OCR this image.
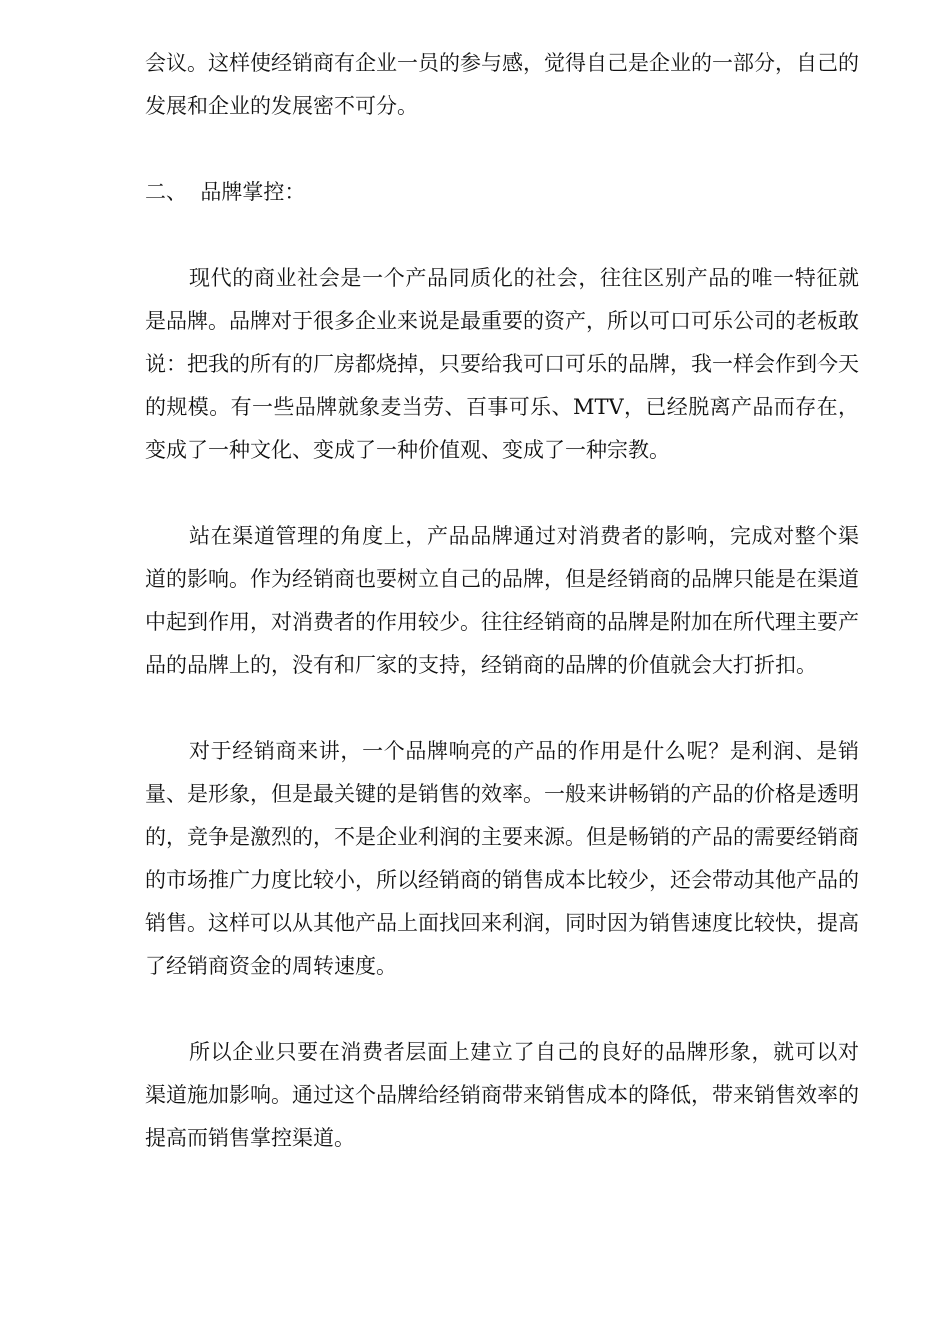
会议。这样使经销商有企业一员的参与感，觉得自己是企业的一部分，自己的发展和企业的发展密不可分。

二、  品牌掌控：

现代的商业社会是一个产品同质化的社会，往往区别产品的唯一特征就是品牌。品牌对于很多企业来说是最重要的资产，所以可口可乐公司的老板敢说：把我的所有的厂房都烧掉，只要给我可口可乐的品牌，我一样会作到今天的规模。有一些品牌就象麦当劳、百事可乐、MTV，已经脱离产品而存在，变成了一种文化、变成了一种价值观、变成了一种宗教。

站在渠道管理的角度上，产品品牌通过对消费者的影响，完成对整个渠道的影响。作为经销商也要树立自己的品牌，但是经销商的品牌只能是在渠道中起到作用，对消费者的作用较少。往往经销商的品牌是附加在所代理主要产品的品牌上的，没有和厂家的支持，经销商的品牌的价值就会大打折扣。

对于经销商来讲，一个品牌响亮的产品的作用是什么呢？是利润、是销量、是形象，但是最关键的是销售的效率。一般来讲畅销的产品的价格是透明的，竞争是激烈的，不是企业利润的主要来源。但是畅销的产品的需要经销商的市场推广力度比较小，所以经销商的销售成本比较少，还会带动其他产品的销售。这样可以从其他产品上面找回来利润，同时因为销售速度比较快，提高了经销商资金的周转速度。

所以企业只要在消费者层面上建立了自己的良好的品牌形象，就可以对渠道施加影响。通过这个品牌给经销商带来销售成本的降低，带来销售效率的提高而销售掌控渠道。
